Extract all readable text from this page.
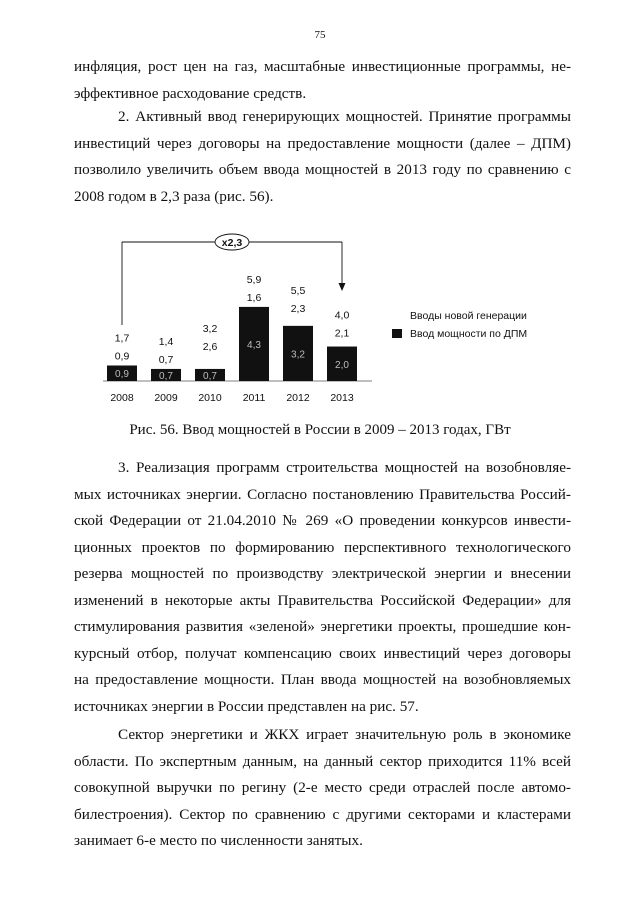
75
инфляция, рост цен на газ, масштабные инвестиционные программы, не-
эффективное расходование средств.
2. Активный ввод генерирующих мощностей. Принятие программы
инвестиций через договоры на предоставление мощности (далее – ДПМ)
позволило увеличить объем ввода мощностей в 2013 году по сравнению с
2008 годом в 2,3 раза (рис. 56).
0,9
0,9
1,7
2008
0,7
0,7
1,4
2009
0,7
2,6
3,2
2010
4,3
1,6
5,9
2011
3,2
2,3
5,5
2012
2,0
2,1
4,0
2013
x2,3
Вводы новой генерации
Ввод мощности по ДПМ
Рис. 56. Ввод мощностей в России в 2009 – 2013 годах, ГВт
3. Реализация программ строительства мощностей на возобновляе-
мых источниках энергии. Согласно постановлению Правительства Россий-
ской Федерации от 21.04.2010 № 269 «О проведении конкурсов инвести-
ционных проектов по формированию перспективного технологического
резерва мощностей по производству электрической энергии и внесении
изменений в некоторые акты Правительства Российской Федерации» для
стимулирования развития «зеленой» энергетики проекты, прошедшие кон-
курсный отбор, получат компенсацию своих инвестиций через договоры
на предоставление мощности. План ввода мощностей на возобновляемых
источниках энергии в России представлен на рис. 57.
Сектор энергетики и ЖКХ играет значительную роль в экономике
области. По экспертным данным, на данный сектор приходится 11% всей
совокупной выручки по регину (2-е место среди отраслей после автомо-
билестроения). Сектор по сравнению с другими секторами и кластерами
занимает 6-е место по численности занятых.
